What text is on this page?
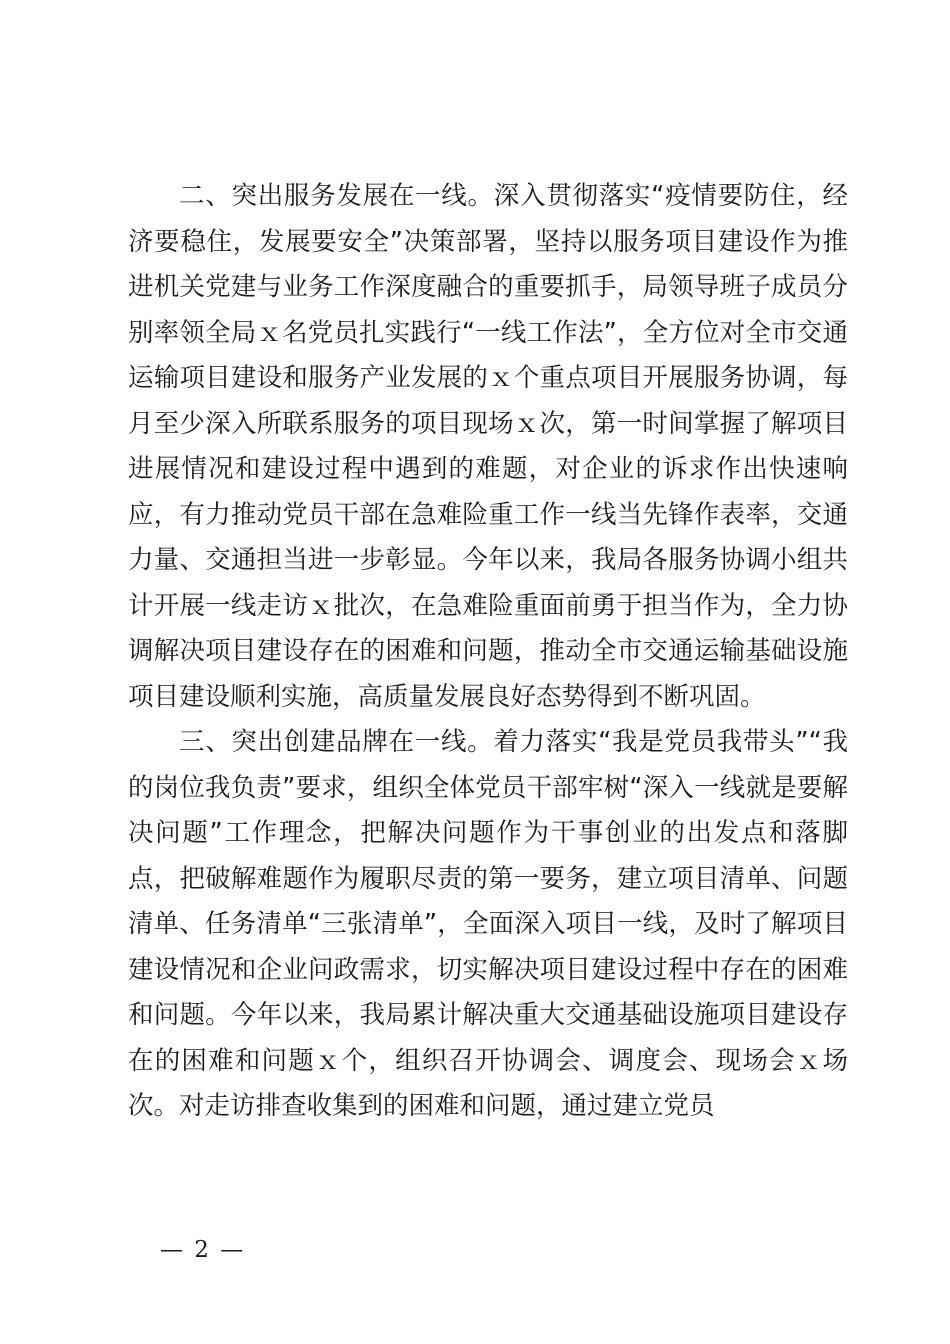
二、突出服务发展在一线。深入贯彻落实“疫情要防住，经济要稳住，发展要安全”决策部署，坚持以服务项目建设作为推进机关党建与业务工作深度融合的重要抓手，局领导班子成员分别率领全局ｘ名党员扎实践行“一线工作法”，全方位对全市交通运输项目建设和服务产业发展的ｘ个重点项目开展服务协调，每月至少深入所联系服务的项目现场ｘ次，第一时间掌握了解项目进展情况和建设过程中遇到的难题，对企业的诉求作出快速响应，有力推动党员干部在急难险重工作一线当先锋作表率，交通力量、交通担当进一步彰显。今年以来，我局各服务协调小组共计开展一线走访ｘ批次，在急难险重面前勇于担当作为，全力协调解决项目建设存在的困难和问题，推动全市交通运输基础设施项目建设顺利实施，高质量发展良好态势得到不断巩固。

三、突出创建品牌在一线。着力落实“我是党员我带头”“我的岗位我负责”要求，组织全体党员干部牢树“深入一线就是要解决问题”工作理念，把解决问题作为干事创业的出发点和落脚点，把破解难题作为履职尽责的第一要务，建立项目清单、问题清单、任务清单“三张清单”，全面深入项目一线，及时了解项目建设情况和企业问政需求，切实解决项目建设过程中存在的困难和问题。今年以来，我局累计解决重大交通基础设施项目建设存在的困难和问题ｘ个，组织召开协调会、调度会、现场会ｘ场次。对走访排查收集到的困难和问题，通过建立党员

— 2 —
